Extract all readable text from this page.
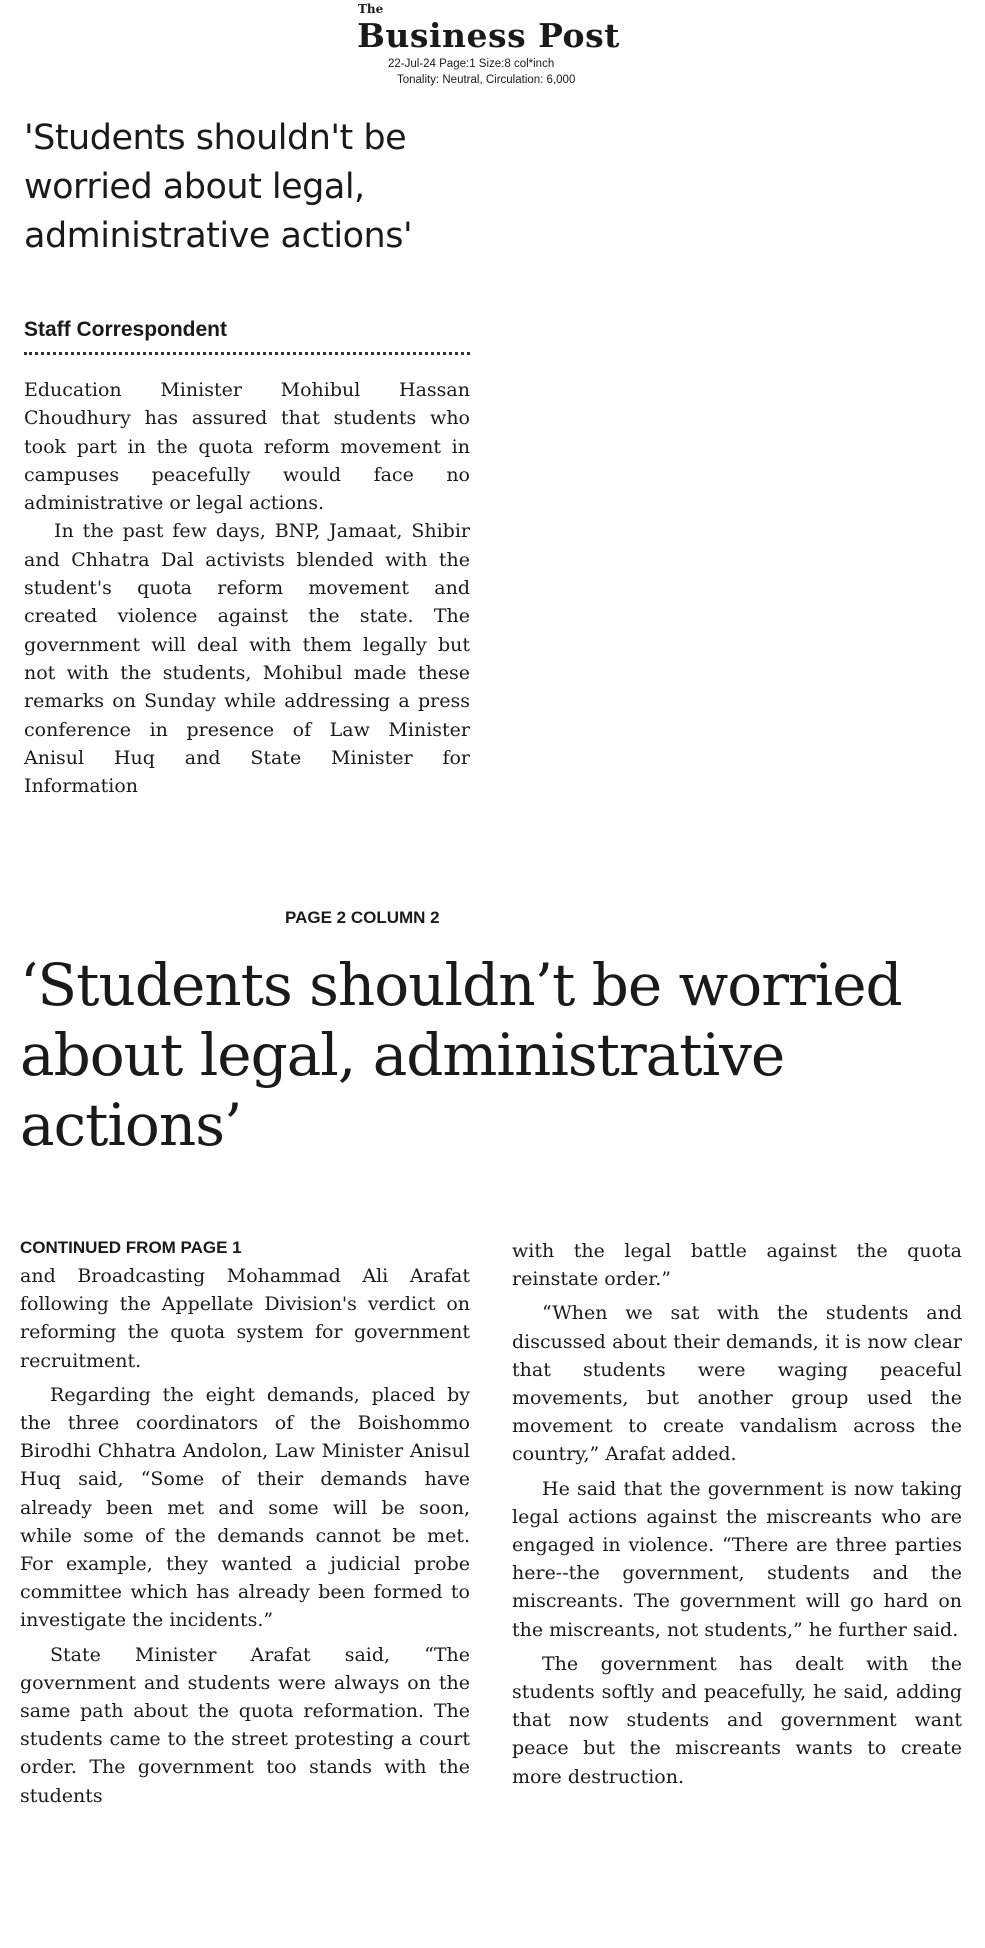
The
Business Post
22-Jul-24 Page:1 Size:8 col*inch
Tonality: Neutral, Circulation: 6,000
'Students shouldn't be worried about legal, administrative actions'
Staff Correspondent

Education Minister Mohibul Hassan Choudhury has assured that students who took part in the quota reform movement in campuses peacefully would face no administrative or legal actions.

In the past few days, BNP, Jamaat, Shibir and Chhatra Dal activists blended with the student's quota reform movement and created violence against the state. The government will deal with them legally but not with the students, Mohibul made these remarks on Sunday while addressing a press conference in presence of Law Minister Anisul Huq and State Minister for Information

PAGE 2 COLUMN 2
‘Students shouldn’t be worried about legal, administrative actions’
CONTINUED FROM PAGE 1

and Broadcasting Mohammad Ali Arafat following the Appellate Division's verdict on reforming the quota system for government recruitment.

Regarding the eight demands, placed by the three coordinators of the Boishommo Birodhi Chhatra Andolon, Law Minister Anisul Huq said, “Some of their demands have already been met and some will be soon, while some of the demands cannot be met. For example, they wanted a judicial probe committee which has already been formed to investigate the incidents.”

State Minister Arafat said, “The government and students were always on the same path about the quota reformation. The students came to the street protesting a court order. The government too stands with the students

with the legal battle against the quota reinstate order.”

“When we sat with the students and discussed about their demands, it is now clear that students were waging peaceful movements, but another group used the movement to create vandalism across the country,” Arafat added.

He said that the government is now taking legal actions against the miscreants who are engaged in violence. “There are three parties here--the government, students and the miscreants. The government will go hard on the miscreants, not students,” he further said.

The government has dealt with the students softly and peacefully, he said, adding that now students and government want peace but the miscreants wants to create more destruction.
